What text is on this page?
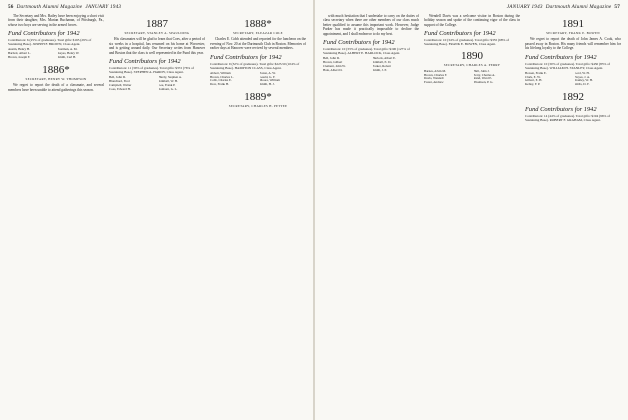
56 Dartmouth Alumni Magazine JANUARY 1943

The Secretary and Mrs. Bailey have been enjoying a short visit from their daughter, Mrs. Marian Buchanan, of Pittsburgh, Pa., whose two boys are serving in the armed forces.

Fund Contributors for 1942
Contributors: 6 (25% of graduates). Total gifts: $165 (29% of Sustaining Base). JOSEPH F. BROWN, Class Agent.
Austin, Henry H.
Bartlett, Albert L.
Brown, Joseph F.
Eastman, A. M.
Keyes, Henry W.
Smith, Carl H.
1886*
SECRETARY, HENRY W. THOMPSON

We regret to report the death of a classmate, and several members have been unable to attend gatherings this season.

1887
SECRETARY, STANLEY A. SPAULDING

His classmates will be glad to learn that Coes, after a period of six weeks in a hospital, has resumed on his home at Worcester, and is getting around daily. Our Secretary writes from Hanover and Boston that the class is well represented in the Fund this year.

Fund Contributors for 1942
Contributors: 11 (39% of graduates). Total gifts: $372 (76% of Sustaining Base). STEPHEN A. HARDY, Class Agent.
Bell, John D.
Blanchard, Fred
Campbell, Walter
Coes, Edward H.
Hardy, Stephen A.
Kimball, W. H.
Lee, Frank P.
Sanborn, G. L.
1888*
SECRETARY, ELEAZAR COLE

Charles E. Cobb attended and reported for the luncheon on the evening of Nov. 20 at the Dartmouth Club in Boston. Memories of earlier days at Hanover were revived by several members.

Fund Contributors for 1942
Contributors: 9 (32% of graduates). Total gifts: $223.50 (104% of Sustaining Base). HAMPTON CLASS, Class Agent.
Abbott, William
Brown, Charles L.
Cobb, Charles E.
Dow, Frank H.
Eaton, A. W.
Gould, G. F.
Moore, William
Smith, H. J.
1889*
SECRETARY, CHARLES H. PETTEE
JANUARY 1943 Dartmouth Alumni Magazine 57

with much hesitation that I undertake to carry on the duties of class secretary when there are other members of our class much better qualified to assume this important work. However, Judge Parker has made it practically impossible to decline the appointment, and I shall endeavor to do my best.

Fund Contributors for 1942
Contributors: 10 (33% of graduates). Total gifts: $190 (127% of Sustaining Base). ALBERT E. HARLOCK, Class Agent.
Bell, John D.
Brown, Gilbert
Clement, John W.
Hale, Albert D.
Harlock, Albert E.
Kimball, E. D.
Parker, Robert
Smith, J. P.

Wendell Davis was a welcome visitor in Boston during the holiday season and spoke of the continuing vigor of the class in support of the College.

Fund Contributors for 1942
Contributors: 10 (34% of graduates). Total gifts: $355 (68% of Sustaining Base). FRANK E. BOWEN, Class Agent.
1890
SECRETARY, CHARLES A. PERRY
Barnes, Alvin M.
Brown, Charles F.
Davis, Wendell
Foster, Andrew
Hall, John J.
Perry, Charles A.
Rand, Ward E.
Thomson, P. G.
1891
SECRETARY, FRANK E. BOWEN

We regret to report the death of John James A. Cook, who passed away in Boston. His many friends will remember him for his lifelong loyalty to the College.

Fund Contributors for 1942
Contributors: 10 (30% of graduates). Total gifts: $430 (85% of Sustaining Base). WILLIAM H. STANLEY, Class Agent.
Bowen, Frank E.
Clark, E. W.
Gilbert, E. H.
Kelley, F. P.
Lord, W. H.
Noyes, J. A.
Stanley, W. H.
Wells, D. F.
1892
Fund Contributors for 1942
Contributors: 14 (44% of graduates). Total gifts: $194 (96% of Sustaining Base). ROBERT F. GRAHAM, Class Agent.
